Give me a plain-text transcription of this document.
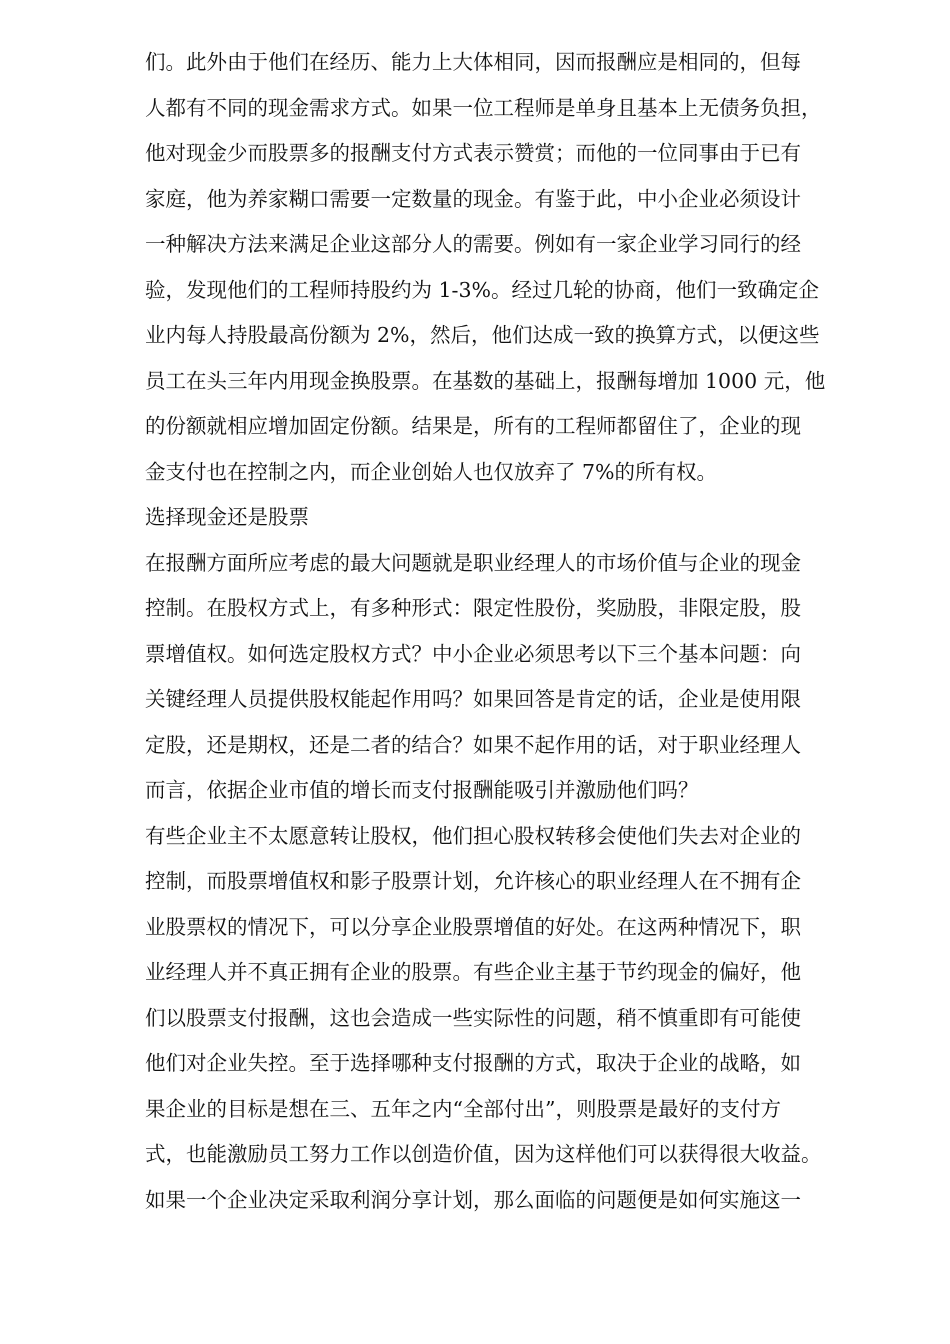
们。此外由于他们在经历、能力上大体相同，因而报酬应是相同的，但每
人都有不同的现金需求方式。如果一位工程师是单身且基本上无债务负担，
他对现金少而股票多的报酬支付方式表示赞赏；而他的一位同事由于已有
家庭，他为养家糊口需要一定数量的现金。有鉴于此，中小企业必须设计
一种解决方法来满足企业这部分人的需要。例如有一家企业学习同行的经
验，发现他们的工程师持股约为 1-3%。经过几轮的协商，他们一致确定企
业内每人持股最高份额为 2%，然后，他们达成一致的换算方式，以便这些
员工在头三年内用现金换股票。在基数的基础上，报酬每增加 1000 元，他
的份额就相应增加固定份额。结果是，所有的工程师都留住了，企业的现
金支付也在控制之内，而企业创始人也仅放弃了 7%的所有权。
选择现金还是股票
在报酬方面所应考虑的最大问题就是职业经理人的市场价值与企业的现金
控制。在股权方式上，有多种形式：限定性股份，奖励股，非限定股，股
票增值权。如何选定股权方式？中小企业必须思考以下三个基本问题：向
关键经理人员提供股权能起作用吗？如果回答是肯定的话，企业是使用限
定股，还是期权，还是二者的结合？如果不起作用的话，对于职业经理人
而言，依据企业市值的增长而支付报酬能吸引并激励他们吗？
有些企业主不太愿意转让股权，他们担心股权转移会使他们失去对企业的
控制，而股票增值权和影子股票计划，允许核心的职业经理人在不拥有企
业股票权的情况下，可以分享企业股票增值的好处。在这两种情况下，职
业经理人并不真正拥有企业的股票。有些企业主基于节约现金的偏好，他
们以股票支付报酬，这也会造成一些实际性的问题，稍不慎重即有可能使
他们对企业失控。至于选择哪种支付报酬的方式，取决于企业的战略，如
果企业的目标是想在三、五年之内“全部付出”，则股票是最好的支付方
式，也能激励员工努力工作以创造价值，因为这样他们可以获得很大收益。
如果一个企业决定采取利润分享计划，那么面临的问题便是如何实施这一
